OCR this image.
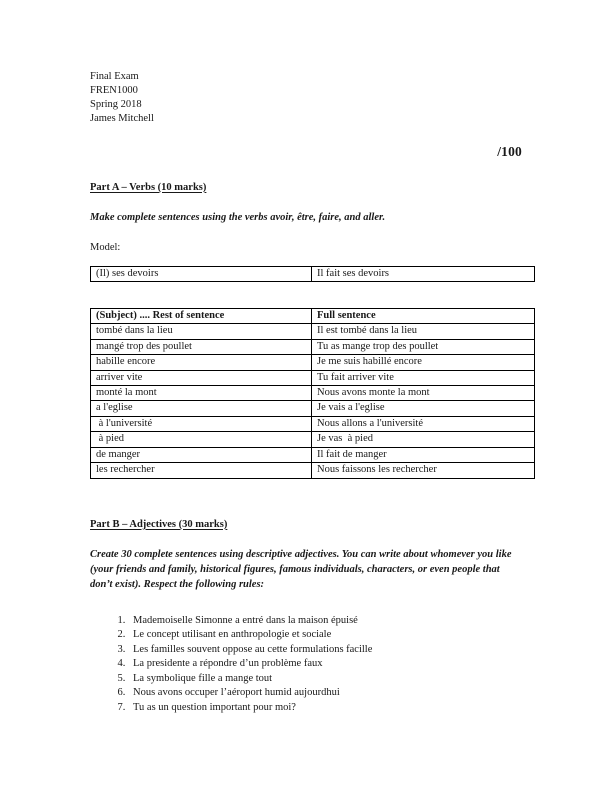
Final Exam
FREN1000
Spring 2018
James Mitchell
/100
Part A – Verbs (10 marks)
Make complete sentences using the verbs avoir, être, faire, and aller.
Model:
(Il) ses devoirs	Il fait ses devoirs
(Subject) .... Rest of sentence	Full sentence
tombé dans la lieu	Il est tombé dans la lieu
mangé trop des poullet	Tu as mange trop des poullet
habille encore	Je me suis habillé encore
arriver vite	Tu fait arriver vite
monté la mont	Nous avons monte la mont
a l'eglise	Je vais a l'eglise
à l'université	Nous allons a l'université
à pied	Je vas  à pied
de manger	Il fait de manger
les rechercher	Nous faissons les rechercher
Part B – Adjectives (30 marks)
Create 30 complete sentences using descriptive adjectives. You can write about whomever you like (your friends and family, historical figures, famous individuals, characters, or even people that don’t exist). Respect the following rules:
1. Mademoiselle Simonne a entré dans la maison épuisé
2. Le concept utilisant en anthropologie et sociale
3. Les familles souvent oppose au cette formulations facille
4. La presidente a répondre d’un problème faux
5. La symbolique fille a mange tout
6. Nous avons occuper l’aéroport humid aujourdhui
7. Tu as un question important pour moi?
